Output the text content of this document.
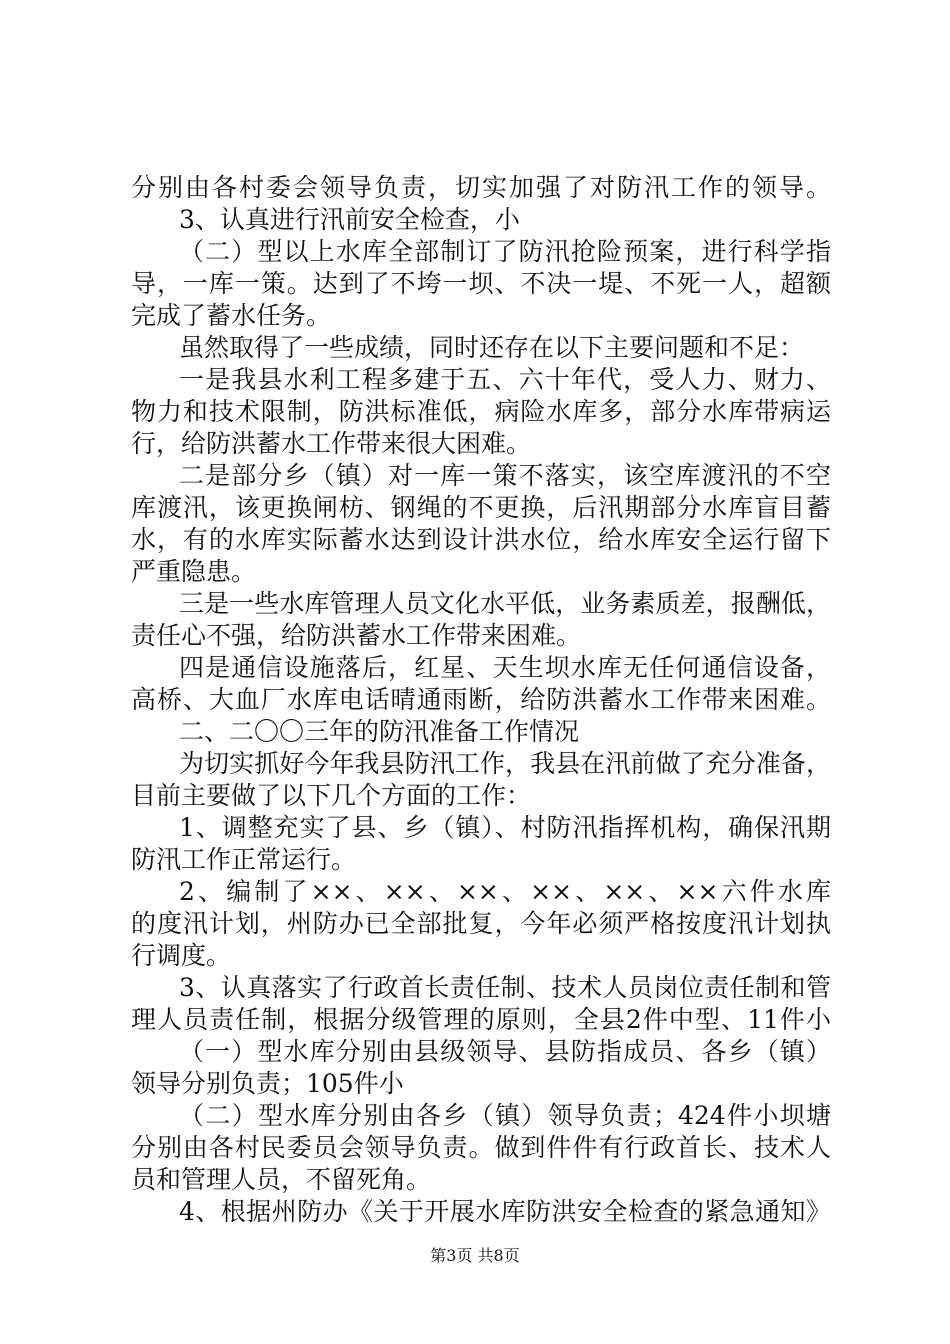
分别由各村委会领导负责，切实加强了对防汛工作的领导。
3、认真进行汛前安全检查，小
（二）型以上水库全部制订了防汛抢险预案，进行科学指
导，一库一策。达到了不垮一坝、不决一堤、不死一人，超额
完成了蓄水任务。
虽然取得了一些成绩，同时还存在以下主要问题和不足：
一是我县水利工程多建于五、六十年代，受人力、财力、
物力和技术限制，防洪标准低，病险水库多，部分水库带病运
行，给防洪蓄水工作带来很大困难。
二是部分乡（镇）对一库一策不落实，该空库渡汛的不空
库渡汛，该更换闸枋、钢绳的不更换，后汛期部分水库盲目蓄
水，有的水库实际蓄水达到设计洪水位，给水库安全运行留下
严重隐患。
三是一些水库管理人员文化水平低，业务素质差，报酬低，
责任心不强，给防洪蓄水工作带来困难。
四是通信设施落后，红星、天生坝水库无任何通信设备，
高桥、大血厂水库电话晴通雨断，给防洪蓄水工作带来困难。
二、二〇〇三年的防汛准备工作情况
为切实抓好今年我县防汛工作，我县在汛前做了充分准备，
目前主要做了以下几个方面的工作：
1、调整充实了县、乡（镇）、村防汛指挥机构，确保汛期
防汛工作正常运行。
2、编制了××、××、××、××、××、××六件水库
的度汛计划，州防办已全部批复，今年必须严格按度汛计划执
行调度。
3、认真落实了行政首长责任制、技术人员岗位责任制和管
理人员责任制，根据分级管理的原则，全县2件中型、11件小
（一）型水库分别由县级领导、县防指成员、各乡（镇）
领导分别负责；105件小
（二）型水库分别由各乡（镇）领导负责；424件小坝塘
分别由各村民委员会领导负责。做到件件有行政首长、技术人
员和管理人员，不留死角。
4、根据州防办《关于开展水库防洪安全检查的紧急通知》
第3页 共8页
